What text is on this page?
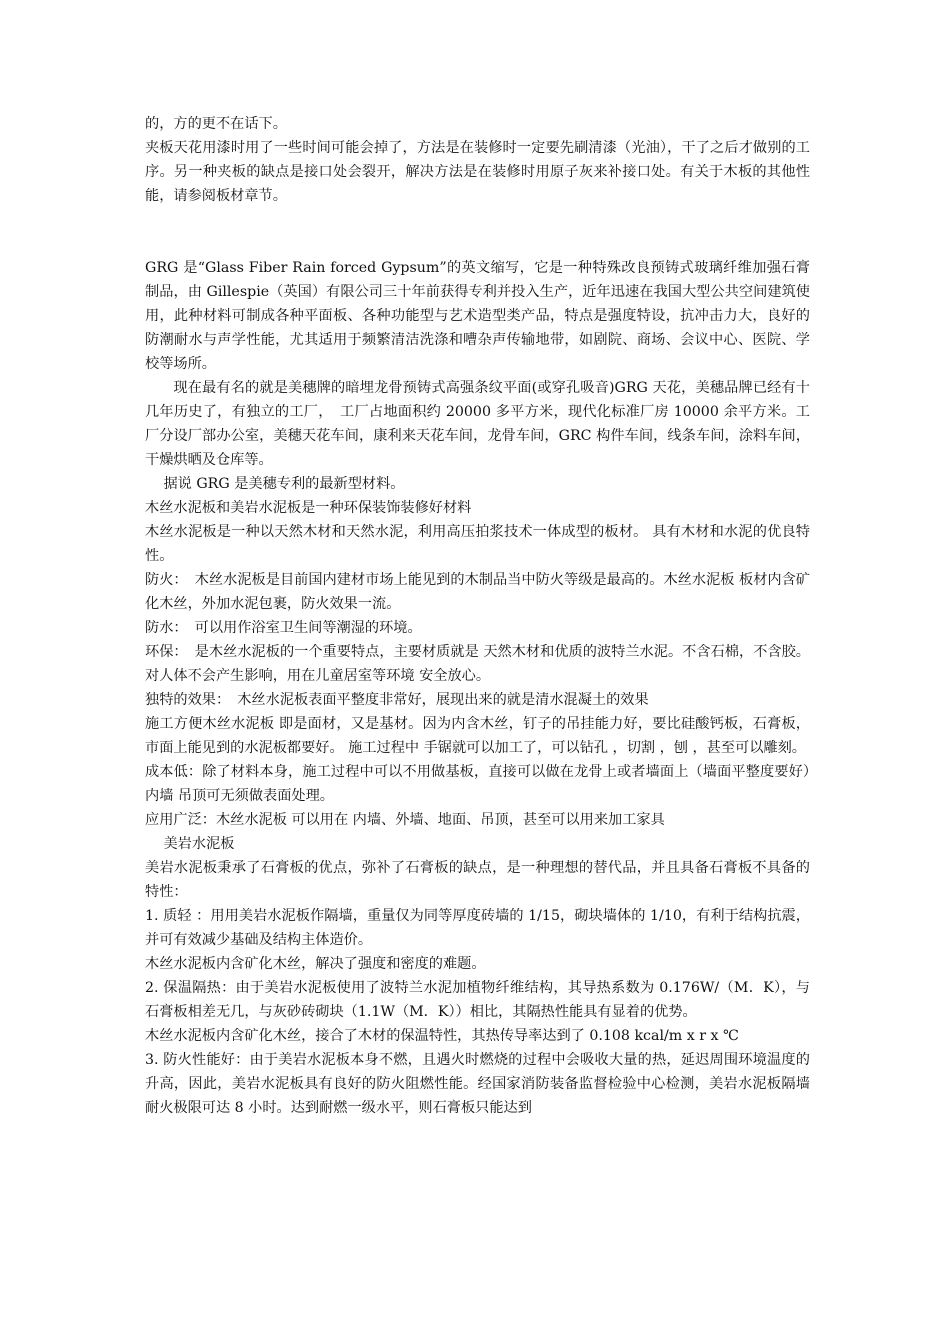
的，方的更不在话下。

夹板天花用漆时用了一些时间可能会掉了，方法是在装修时一定要先刷清漆（光油），干了之后才做别的工序。另一种夹板的缺点是接口处会裂开，解决方法是在装修时用原子灰来补接口处。有关于木板的其他性能，请参阅板材章节。

GRG 是“Glass Fiber Rain forced Gypsum”的英文缩写，它是一种特殊改良预铸式玻璃纤维加强石膏制品，由 Gillespie（英国）有限公司三十年前获得专利并投入生产，近年迅速在我国大型公共空间建筑使用，此种材料可制成各种平面板、各种功能型与艺术造型类产品，特点是强度特设，抗冲击力大，良好的防潮耐水与声学性能，尤其适用于频繁清洁洗涤和嘈杂声传输地带，如剧院、商场、会议中心、医院、学校等场所。

现在最有名的就是美穗牌的暗埋龙骨预铸式高强条纹平面(或穿孔吸音)GRG 天花，美穗品牌已经有十几年历史了，有独立的工厂，　工厂占地面积约 20000 多平方米，现代化标准厂房 10000 余平方米。工厂分设厂部办公室，美穗天花车间，康利来天花车间，龙骨车间，GRC 构件车间，线条车间，涂料车间，干燥烘晒及仓库等。

据说 GRG 是美穗专利的最新型材料。

木丝水泥板和美岩水泥板是一种环保装饰装修好材料

木丝水泥板是一种以天然木材和天然水泥，利用高压拍浆技术一体成型的板材。 具有木材和水泥的优良特性。

防火：　木丝水泥板是目前国内建材市场上能见到的木制品当中防火等级是最高的。木丝水泥板 板材内含矿化木丝，外加水泥包裹，防火效果一流。

防水：　可以用作浴室卫生间等潮湿的环境。

环保：　是木丝水泥板的一个重要特点，主要材质就是 天然木材和优质的波特兰水泥。不含石棉，不含胶。对人体不会产生影响，用在儿童居室等环境 安全放心。

独特的效果：　木丝水泥板表面平整度非常好，展现出来的就是清水混凝土的效果

施工方便木丝水泥板 即是面材，又是基材。因为内含木丝，钉子的吊挂能力好，要比硅酸钙板，石膏板，市面上能见到的水泥板都要好。 施工过程中 手锯就可以加工了，可以钻孔 ，切割 ，刨 ，甚至可以雕刻。

成本低：除了材料本身，施工过程中可以不用做基板，直接可以做在龙骨上或者墙面上（墙面平整度要好）　内墙 吊顶可无须做表面处理。

应用广泛：木丝水泥板 可以用在 内墙、外墙、地面、吊顶，甚至可以用来加工家具

美岩水泥板

美岩水泥板秉承了石膏板的优点，弥补了石膏板的缺点，是一种理想的替代品，并且具备石膏板不具备的特性：

1. 质轻 ：用用美岩水泥板作隔墙，重量仅为同等厚度砖墙的 1/15，砌块墙体的 1/10，有利于结构抗震，并可有效减少基础及结构主体造价。

木丝水泥板内含矿化木丝，解决了强度和密度的难题。

2. 保温隔热：由于美岩水泥板使用了波特兰水泥加植物纤维结构，其导热系数为 0.176W/（M．K），与石膏板相差无几，与灰砂砖砌块（1.1W（M．K））相比，其隔热性能具有显着的优势。

木丝水泥板内含矿化木丝，接合了木材的保温特性，其热传导率达到了 0.108 kcal/m x r x ℃

3. 防火性能好：由于美岩水泥板本身不燃，且遇火时燃烧的过程中会吸收大量的热，延迟周围环境温度的升高，因此，美岩水泥板具有良好的防火阻燃性能。经国家消防装备监督检验中心检测，美岩水泥板隔墙耐火极限可达 8 小时。达到耐燃一级水平，则石膏板只能达到
